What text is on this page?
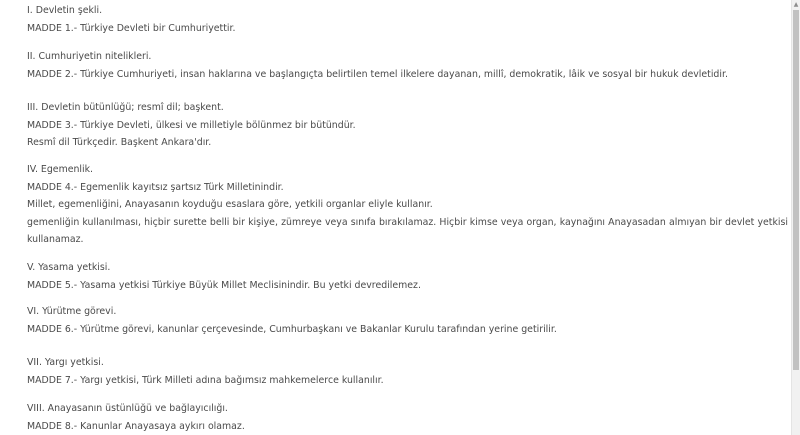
I. Devletin şekli.
MADDE 1.- Türkiye Devleti bir Cumhuriyettir.
II. Cumhuriyetin nitelikleri.
MADDE 2.- Türkiye Cumhuriyeti, insan haklarına ve başlangıçta belirtilen temel ilkelere dayanan, millî, demokratik, lâik ve sosyal bir hukuk devletidir.
III. Devletin bütünlüğü; resmî dil; başkent.
MADDE 3.- Türkiye Devleti, ülkesi ve milletiyle bölünmez bir bütündür.
Resmî dil Türkçedir. Başkent Ankara'dır.
IV. Egemenlik.
MADDE 4.- Egemenlik kayıtsız şartsız Türk Milletinindir.
Millet, egemenliğini, Anayasanın koyduğu esaslara göre, yetkili organlar eliyle kullanır.
gemenliğin kullanılması, hiçbir surette belli bir kişiye, zümreye veya sınıfa bırakılamaz. Hiçbir kimse veya organ, kaynağını Anayasadan almıyan bir devlet yetkisi kullanamaz.
V. Yasama yetkisi.
MADDE 5.- Yasama yetkisi Türkiye Büyük Millet Meclisinindir. Bu yetki devredilemez.
VI. Yürütme görevi.
MADDE 6.- Yürütme görevi, kanunlar çerçevesinde, Cumhurbaşkanı ve Bakanlar Kurulu tarafından yerine getirilir.
VII. Yargı yetkisi.
MADDE 7.- Yargı yetkisi, Türk Milleti adına bağımsız mahkemelerce kullanılır.
VIII. Anayasanın üstünlüğü ve bağlayıcılığı.
MADDE 8.- Kanunlar Anayasaya aykırı olamaz.
▲
